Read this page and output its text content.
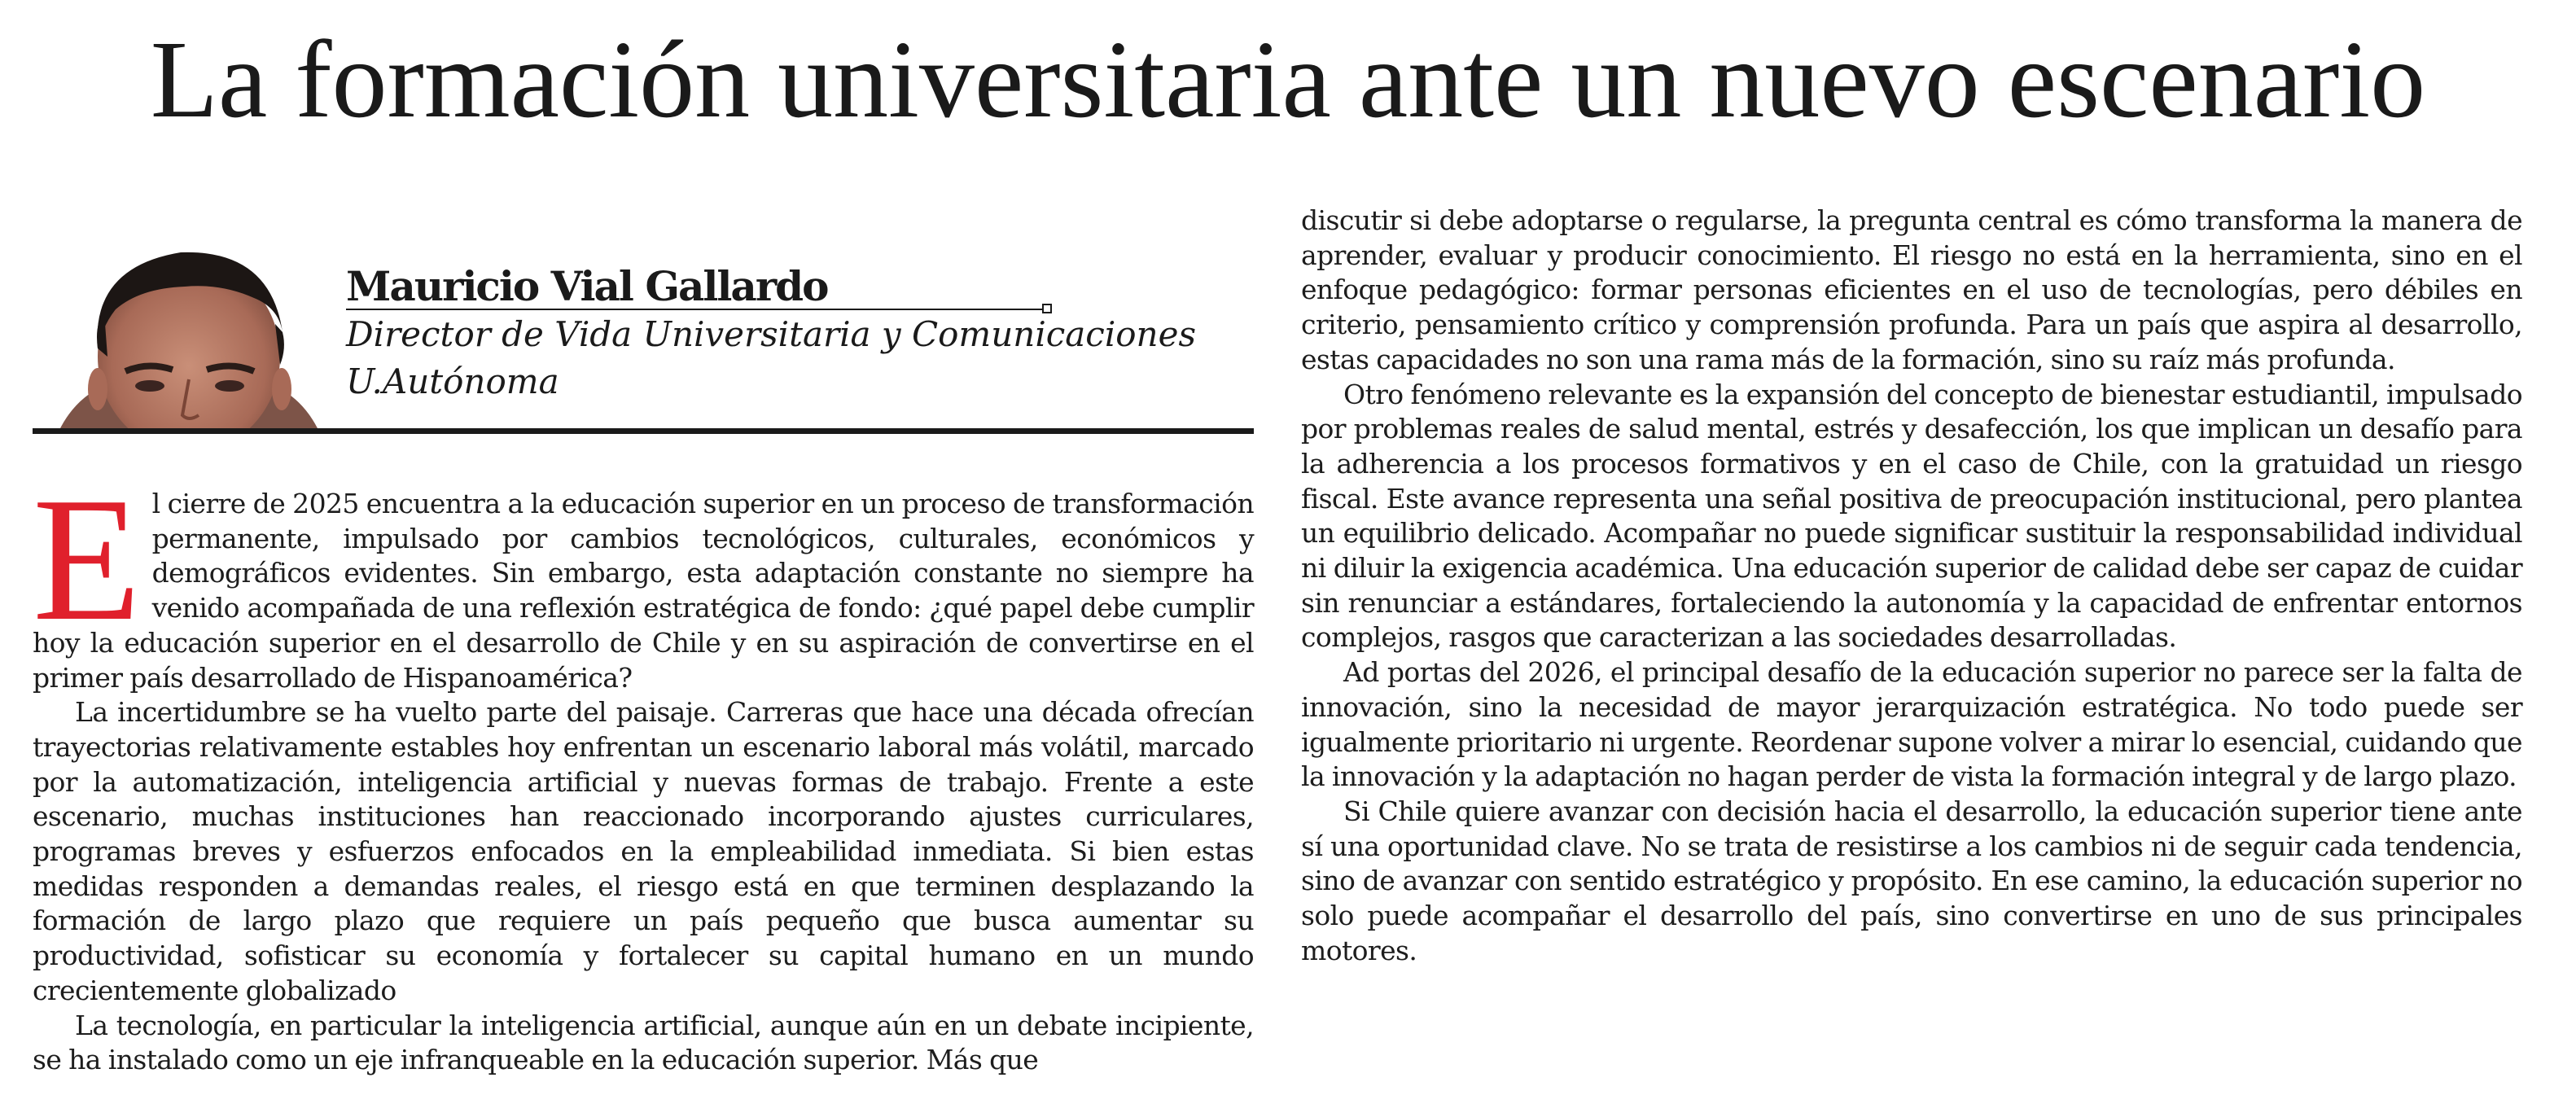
La formación universitaria ante un nuevo escenario
Mauricio Vial Gallardo
Director de Vida Universitaria y Comunicaciones
U.Autónoma

El cierre de 2025 encuentra a la educación superior en un proceso de transformación permanente, impulsado por cambios tecnológicos, culturales, económicos y demográficos evidentes. Sin embargo, esta adaptación constante no siempre ha venido acompañada de una reflexión estratégica de fondo: ¿qué papel debe cumplir hoy la educación superior en el desarrollo de Chile y en su aspiración de convertirse en el primer país desarrollado de Hispanoamérica?

La incertidumbre se ha vuelto parte del paisaje. Carreras que hace una década ofrecían trayectorias relativamente estables hoy enfrentan un escenario laboral más volátil, marcado por la automatización, inteligencia artificial y nuevas formas de trabajo. Frente a este escenario, muchas instituciones han reaccionado incorporando ajustes curriculares, programas breves y esfuerzos enfocados en la empleabilidad inmediata. Si bien estas medidas responden a demandas reales, el riesgo está en que terminen desplazando la formación de largo plazo que requiere un país pequeño que busca aumentar su productividad, sofisticar su economía y fortalecer su capital humano en un mundo crecientemente globalizado

La tecnología, en particular la inteligencia artificial, aunque aún en un debate incipiente, se ha instalado como un eje infranqueable en la educación superior. Más que

discutir si debe adoptarse o regularse, la pregunta central es cómo transforma la manera de aprender, evaluar y producir conocimiento. El riesgo no está en la herramienta, sino en el enfoque pedagógico: formar personas eficientes en el uso de tecnologías, pero débiles en criterio, pensamiento crítico y comprensión profunda. Para un país que aspira al desarrollo, estas capacidades no son una rama más de la formación, sino su raíz más profunda.

Otro fenómeno relevante es la expansión del concepto de bienestar estudiantil, impulsado por problemas reales de salud mental, estrés y desafección, los que implican un desafío para la adherencia a los procesos formativos y en el caso de Chile, con la gratuidad un riesgo fiscal. Este avance representa una señal positiva de preocupación institucional, pero plantea un equilibrio delicado. Acompañar no puede significar sustituir la responsabilidad individual ni diluir la exigencia académica. Una educación superior de calidad debe ser capaz de cuidar sin renunciar a estándares, fortaleciendo la autonomía y la capacidad de enfrentar entornos complejos, rasgos que caracterizan a las sociedades desarrolladas.

Ad portas del 2026, el principal desafío de la educación superior no parece ser la falta de innovación, sino la necesidad de mayor jerarquización estratégica. No todo puede ser igualmente prioritario ni urgente. Reordenar supone volver a mirar lo esencial, cuidando que la innovación y la adaptación no hagan perder de vista la formación integral y de largo plazo.

Si Chile quiere avanzar con decisión hacia el desarrollo, la educación superior tiene ante sí una oportunidad clave. No se trata de resistirse a los cambios ni de seguir cada tendencia, sino de avanzar con sentido estratégico y propósito. En ese camino, la educación superior no solo puede acompañar el desarrollo del país, sino convertirse en uno de sus principales motores.
